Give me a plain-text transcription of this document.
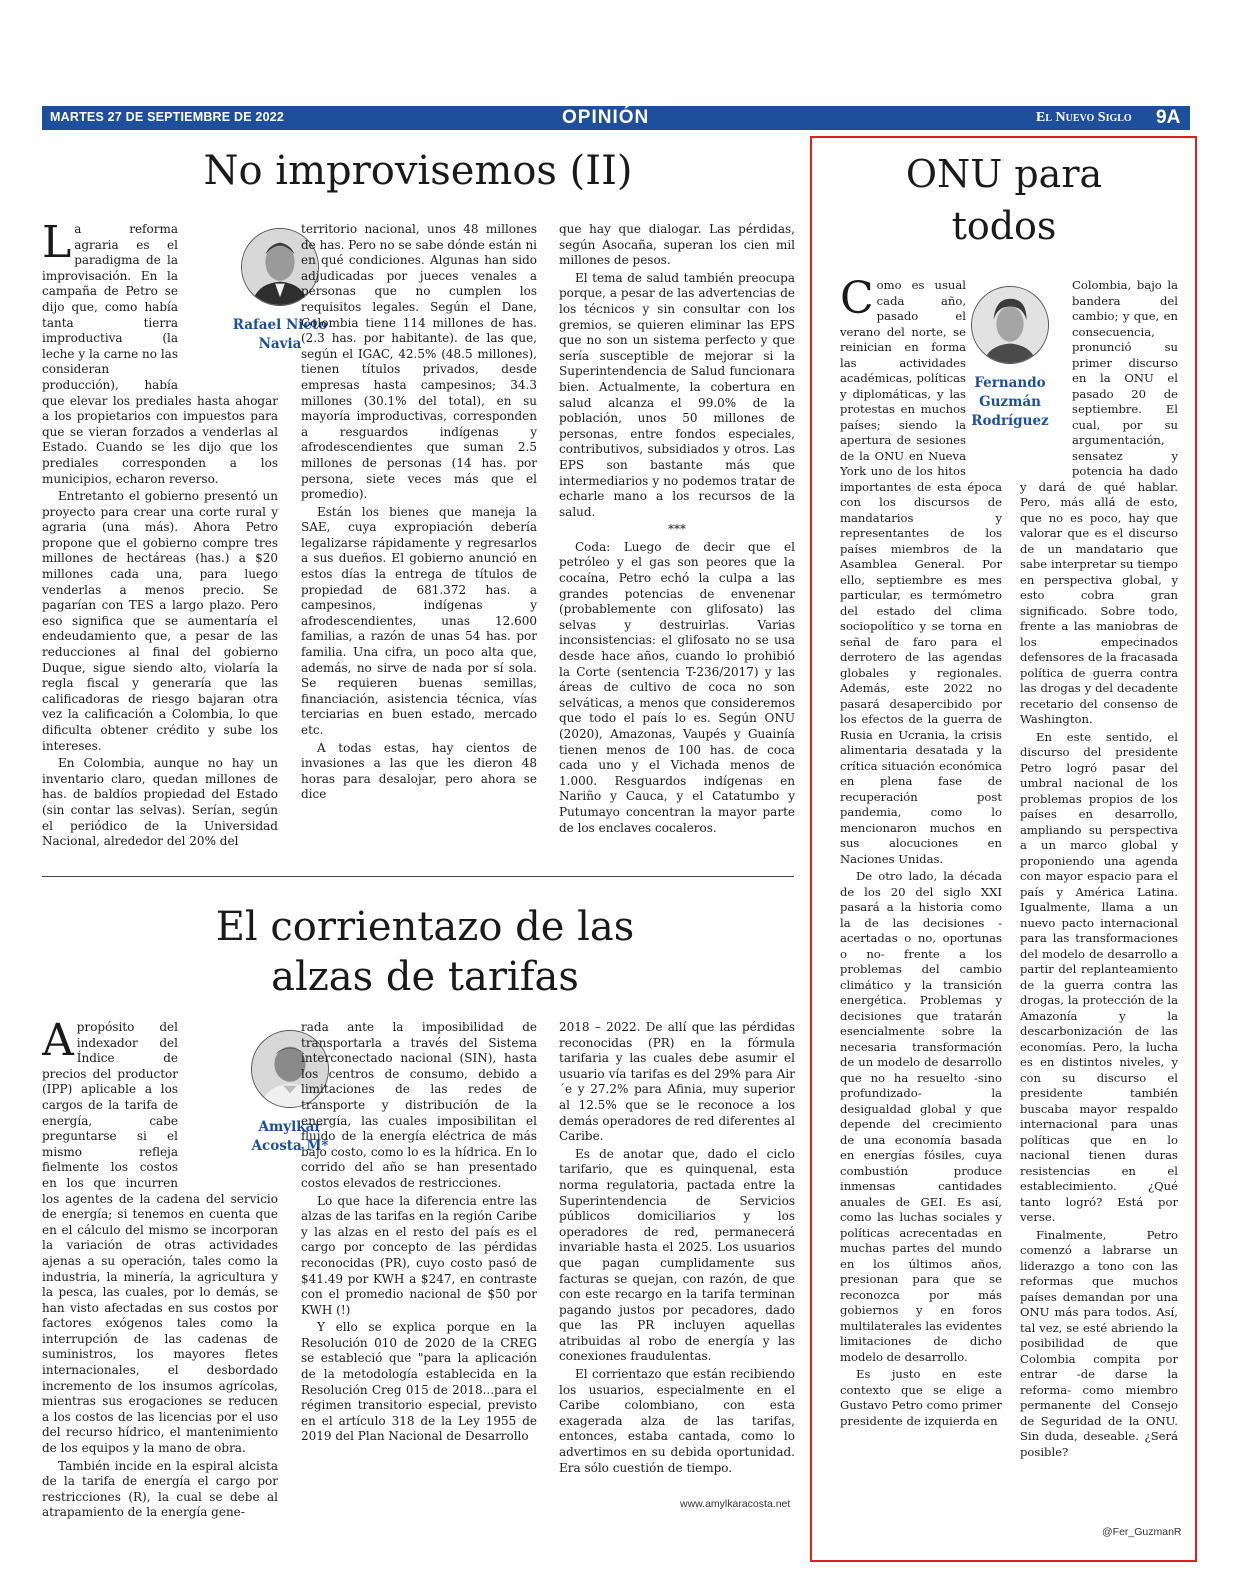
MARTES 27 DE SEPTIEMBRE DE 2022	OPINIÓN	El Nuevo Siglo 9A
No improvisemos (II)

La reforma agraria es el paradigma de la improvisación. En la campaña de Petro se dijo que, como había tanta tierra improductiva (la leche y la carne no las consideran producción), había que elevar los prediales hasta ahogar a los propietarios con impuestos para que se vieran forzados a venderlas al Estado. Cuando se les dijo que los prediales corresponden a los municipios, echaron reverso.

Entretanto el gobierno presentó un proyecto para crear una corte rural y agraria (una más). Ahora Petro propone que el gobierno compre tres millones de hectáreas (has.) a $20 millones cada una, para luego venderlas a menos precio. Se pagarían con TES a largo plazo. Pero eso significa que se aumentaría el endeudamiento que, a pesar de las reducciones al final del gobierno Duque, sigue siendo alto, violaría la regla fiscal y generaría que las calificadoras de riesgo bajaran otra vez la calificación a Colombia, lo que dificulta obtener crédito y sube los intereses.

En Colombia, aunque no hay un inventario claro, quedan millones de has. de baldíos propiedad del Estado (sin contar las selvas). Serían, según el periódico de la Universidad Nacional, alrededor del 20% del

Rafael Nieto Navia

territorio nacional, unos 48 millones de has. Pero no se sabe dónde están ni en qué condiciones. Algunas han sido adjudicadas por jueces venales a personas que no cumplen los requisitos legales. Según el Dane, Colombia tiene 114 millones de has. (2.3 has. por habitante). de las que, según el IGAC, 42.5% (48.5 millones), tienen títulos privados, desde empresas hasta campesinos; 34.3 millones (30.1% del total), en su mayoría improductivas, corresponden a resguardos indígenas y afrodescendientes que suman 2.5 millones de personas (14 has. por persona, siete veces más que el promedio).

Están los bienes que maneja la SAE, cuya expropiación debería legalizarse rápidamente y regresarlos a sus dueños. El gobierno anunció en estos días la entrega de títulos de propiedad de 681.372 has. a campesinos, indígenas y afrodescendientes, unas 12.600 familias, a razón de unas 54 has. por familia. Una cifra, un poco alta que, además, no sirve de nada por sí sola. Se requieren buenas semillas, financiación, asistencia técnica, vías terciarias en buen estado, mercado etc.

A todas estas, hay cientos de invasiones a las que les dieron 48 horas para desalojar, pero ahora se dice

que hay que dialogar. Las pérdidas, según Asocaña, superan los cien mil millones de pesos.

El tema de salud también preocupa porque, a pesar de las advertencias de los técnicos y sin consultar con los gremios, se quieren eliminar las EPS que no son un sistema perfecto y que sería susceptible de mejorar si la Superintendencia de Salud funcionara bien. Actualmente, la cobertura en salud alcanza el 99.0% de la población, unos 50 millones de personas, entre fondos especiales, contributivos, subsidiados y otros. Las EPS son bastante más que intermediarios y no podemos tratar de echarle mano a los recursos de la salud.

***

Coda: Luego de decir que el petróleo y el gas son peores que la cocaína, Petro echó la culpa a las grandes potencias de envenenar (probablemente con glifosato) las selvas y destruirlas. Varias inconsistencias: el glifosato no se usa desde hace años, cuando lo prohibió la Corte (sentencia T-236/2017) y las áreas de cultivo de coca no son selváticas, a menos que consideremos que todo el país lo es. Según ONU (2020), Amazonas, Vaupés y Guainía tienen menos de 100 has. de coca cada uno y el Vichada menos de 1.000. Resguardos indígenas en Nariño y Cauca, y el Catatumbo y Putumayo concentran la mayor parte de los enclaves cocaleros.

El corrientazo de las alzas de tarifas

Apropósito del indexador del Índice de precios del productor (IPP) aplicable a los cargos de la tarifa de energía, cabe preguntarse si el mismo refleja fielmente los costos en los que incurren los agentes de la cadena del servicio de energía; si tenemos en cuenta que en el cálculo del mismo se incorporan la variación de otras actividades ajenas a su operación, tales como la industria, la minería, la agricultura y la pesca, las cuales, por lo demás, se han visto afectadas en sus costos por factores exógenos tales como la interrupción de las cadenas de suministros, los mayores fletes internacionales, el desbordado incremento de los insumos agrícolas, mientras sus erogaciones se reducen a los costos de las licencias por el uso del recurso hídrico, el mantenimiento de los equipos y la mano de obra.

También incide en la espiral alcista de la tarifa de energía el cargo por restricciones (R), la cual se debe al atrapamiento de la energía gene-

Amylkar Acosta M*

rada ante la imposibilidad de transportarla a través del Sistema interconectado nacional (SIN), hasta los centros de consumo, debido a limitaciones de las redes de transporte y distribución de la energía, las cuales imposibilitan el fluido de la energía eléctrica de más bajo costo, como lo es la hídrica. En lo corrido del año se han presentado costos elevados de restricciones.

Lo que hace la diferencia entre las alzas de las tarifas en la región Caribe y las alzas en el resto del país es el cargo por concepto de las pérdidas reconocidas (PR), cuyo costo pasó de $41.49 por KWH a $247, en contraste con el promedio nacional de $50 por KWH (!)

Y ello se explica porque en la Resolución 010 de 2020 de la CREG se estableció que "para la aplicación de la metodología establecida en la Resolución Creg 015 de 2018...para el régimen transitorio especial, previsto en el artículo 318 de la Ley 1955 de 2019 del Plan Nacional de Desarrollo

2018 – 2022. De allí que las pérdidas reconocidas (PR) en la fórmula tarifaria y las cuales debe asumir el usuario vía tarifas es del 29% para Air´e y 27.2% para Afinia, muy superior al 12.5% que se le reconoce a los demás operadores de red diferentes al Caribe.

Es de anotar que, dado el ciclo tarifario, que es quinquenal, esta norma regulatoria, pactada entre la Superintendencia de Servicios públicos domiciliarios y los operadores de red, permanecerá invariable hasta el 2025. Los usuarios que pagan cumplidamente sus facturas se quejan, con razón, de que con este recargo en la tarifa terminan pagando justos por pecadores, dado que las PR incluyen aquellas atribuidas al robo de energía y las conexiones fraudulentas.

El corrientazo que están recibiendo los usuarios, especialmente en el Caribe colombiano, con esta exagerada alza de las tarifas, entonces, estaba cantada, como lo advertimos en su debida oportunidad. Era sólo cuestión de tiempo.

www.amylkaracosta.net
ONU para
todos

Como es usual cada año, pasado el verano del norte, se reinician en forma las actividades académicas, políticas y diplomáticas, y las protestas en muchos países; siendo la apertura de sesiones de la ONU en Nueva York uno de los hitos importantes de esta época con los discursos de mandatarios y representantes de los países miembros de la Asamblea General. Por ello, septiembre es mes particular, es termómetro del estado del clima sociopolítico y se torna en señal de faro para el derrotero de las agendas globales y regionales. Además, este 2022 no pasará desapercibido por los efectos de la guerra de Rusia en Ucrania, la crisis alimentaria desatada y la crítica situación económica en plena fase de recuperación post pandemia, como lo mencionaron muchos en sus alocuciones en Naciones Unidas.

De otro lado, la década de los 20 del siglo XXI pasará a la historia como la de las decisiones -acertadas o no, oportunas o no- frente a los problemas del cambio climático y la transición energética. Problemas y decisiones que tratarán esencialmente sobre la necesaria transformación de un modelo de desarrollo que no ha resuelto -sino profundizado- la desigualdad global y que depende del crecimiento de una economía basada en energías fósiles, cuya combustión produce inmensas cantidades anuales de GEI. Es así, como las luchas sociales y políticas acrecentadas en muchas partes del mundo en los últimos años, presionan para que se reconozca por más gobiernos y en foros multilaterales las evidentes limitaciones de dicho modelo de desarrollo.

Es justo en este contexto que se elige a Gustavo Petro como primer presidente de izquierda en

Fernando Guzmán Rodríguez

Colombia, bajo la bandera del cambio; y que, en consecuencia, pronunció su primer discurso en la ONU el pasado 20 de septiembre. El cual, por su argumentación, sensatez y potencia ha dado y dará de qué hablar. Pero, más allá de esto, que no es poco, hay que valorar que es el discurso de un mandatario que sabe interpretar su tiempo en perspectiva global, y esto cobra gran significado. Sobre todo, frente a las maniobras de los empecinados defensores de la fracasada política de guerra contra las drogas y del decadente recetario del consenso de Washington.

En este sentido, el discurso del presidente Petro logró pasar del umbral nacional de los problemas propios de los países en desarrollo, ampliando su perspectiva a un marco global y proponiendo una agenda con mayor espacio para el país y América Latina. Igualmente, llama a un nuevo pacto internacional para las transformaciones del modelo de desarrollo a partir del replanteamiento de la guerra contra las drogas, la protección de la Amazonía y la descarbonización de las economías. Pero, la lucha es en distintos niveles, y con su discurso el presidente también buscaba mayor respaldo internacional para unas políticas que en lo nacional tienen duras resistencias en el establecimiento. ¿Qué tanto logró? Está por verse.

Finalmente, Petro comenzó a labrarse un liderazgo a tono con las reformas que muchos países demandan por una ONU más para todos. Así, tal vez, se esté abriendo la posibilidad de que Colombia compita por entrar -de darse la reforma- como miembro permanente del Consejo de Seguridad de la ONU. Sin duda, deseable. ¿Será posible?

@Fer_GuzmanR
